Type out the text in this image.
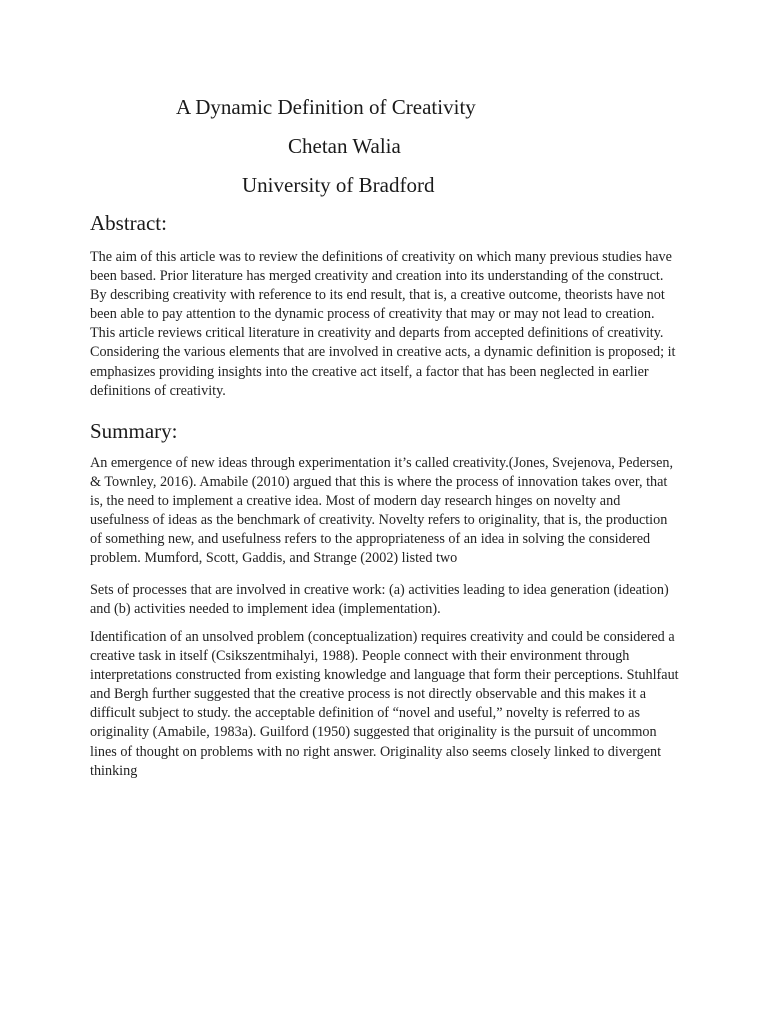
A Dynamic Definition of Creativity
Chetan Walia
University of Bradford
Abstract:

The aim of this article was to review the definitions of creativity on which many previous studies have been based. Prior literature has merged creativity and creation into its understanding of the construct. By describing creativity with reference to its end result, that is, a creative outcome, theorists have not been able to pay attention to the dynamic process of creativity that may or may not lead to creation. This article reviews critical literature in creativity and departs from accepted definitions of creativity. Considering the various elements that are involved in creative acts, a dynamic definition is proposed; it emphasizes providing insights into the creative act itself, a factor that has been neglected in earlier definitions of creativity.

Summary:

An emergence of new ideas through experimentation it’s called creativity.(Jones, Svejenova, Pedersen, & Townley, 2016). Amabile (2010) argued that this is where the process of innovation takes over, that is, the need to implement a creative idea. Most of modern day research hinges on novelty and usefulness of ideas as the benchmark of creativity. Novelty refers to originality, that is, the production of something new, and usefulness refers to the appropriateness of an idea in solving the considered problem. Mumford, Scott, Gaddis, and Strange (2002) listed two

Sets of processes that are involved in creative work: (a) activities leading to idea generation (ideation) and (b) activities needed to implement idea (implementation).

Identification of an unsolved problem (conceptualization) requires creativity and could be considered a creative task in itself (Csikszentmihalyi, 1988). People connect with their environment through interpretations constructed from existing knowledge and language that form their perceptions. Stuhlfaut and Bergh further suggested that the creative process is not directly observable and this makes it a difficult subject to study. the acceptable definition of “novel and useful,” novelty is referred to as originality (Amabile, 1983a). Guilford (1950) suggested that originality is the pursuit of uncommon lines of thought on problems with no right answer. Originality also seems closely linked to divergent thinking
